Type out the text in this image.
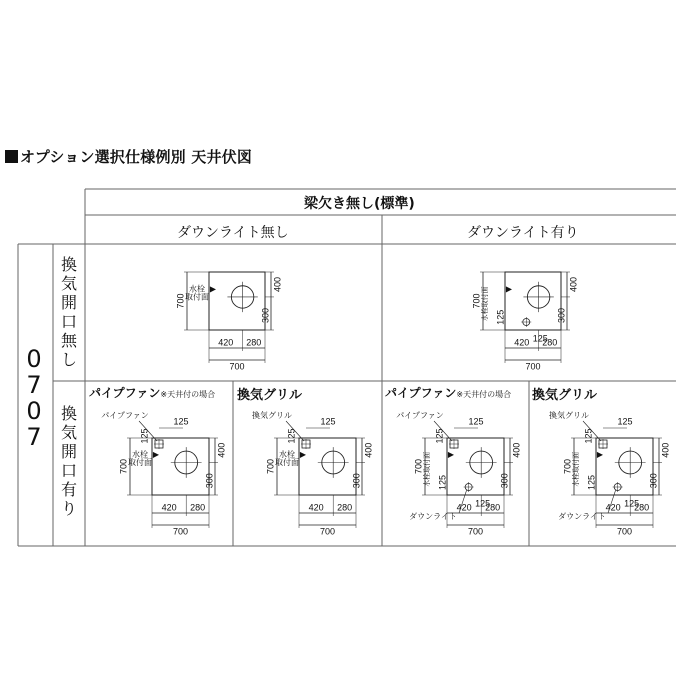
オプション選択仕様例別 天井伏図
梁欠き無し(標準)
ダウンライト無し	ダウンライト有り
0
7
0
7
換
気
開
口
無
し
換
気
開
口
有
り
パイプファン※天井付の場合 換気グリル	パイプファン※天井付の場合 換気グリル
700
400
300
420 280
700
水栓
取付面
▶
700
400
300
420 280
700
水栓取付面 ▶
125
125
700
400
300
420 280
700
水栓
取付面
▶
125
125
パイプファン
700
400
300
420 280
700
水栓
取付面
▶
125
125
換気グリル
700
400
300
420 280
700
水栓取付面 ▶
125
125
パイプファン
125
125
ダウンライト
700
400
300
420 280
700
水栓取付面 ▶
125
125
換気グリル
125
125
ダウンライト
